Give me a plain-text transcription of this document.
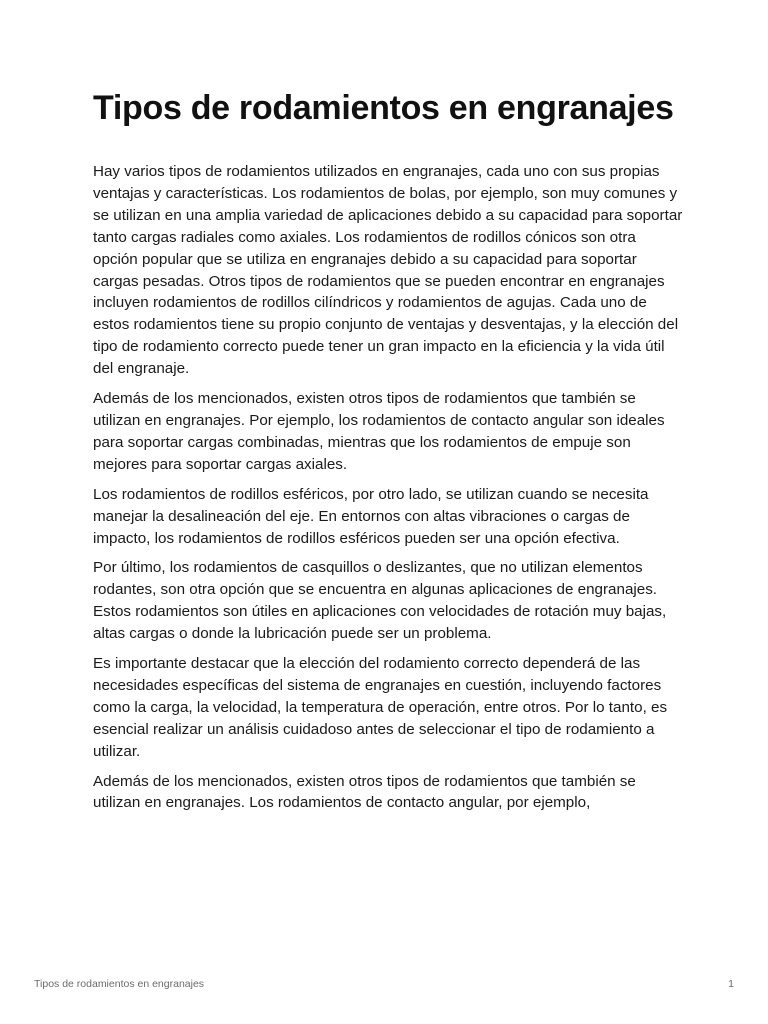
Tipos de rodamientos en engranajes

Hay varios tipos de rodamientos utilizados en engranajes, cada uno con sus propias ventajas y características. Los rodamientos de bolas, por ejemplo, son muy comunes y se utilizan en una amplia variedad de aplicaciones debido a su capacidad para soportar tanto cargas radiales como axiales. Los rodamientos de rodillos cónicos son otra opción popular que se utiliza en engranajes debido a su capacidad para soportar cargas pesadas. Otros tipos de rodamientos que se pueden encontrar en engranajes incluyen rodamientos de rodillos cilíndricos y rodamientos de agujas. Cada uno de estos rodamientos tiene su propio conjunto de ventajas y desventajas, y la elección del tipo de rodamiento correcto puede tener un gran impacto en la eficiencia y la vida útil del engranaje.

Además de los mencionados, existen otros tipos de rodamientos que también se utilizan en engranajes. Por ejemplo, los rodamientos de contacto angular son ideales para soportar cargas combinadas, mientras que los rodamientos de empuje son mejores para soportar cargas axiales.

Los rodamientos de rodillos esféricos, por otro lado, se utilizan cuando se necesita manejar la desalineación del eje. En entornos con altas vibraciones o cargas de impacto, los rodamientos de rodillos esféricos pueden ser una opción efectiva.

Por último, los rodamientos de casquillos o deslizantes, que no utilizan elementos rodantes, son otra opción que se encuentra en algunas aplicaciones de engranajes. Estos rodamientos son útiles en aplicaciones con velocidades de rotación muy bajas, altas cargas o donde la lubricación puede ser un problema.

Es importante destacar que la elección del rodamiento correcto dependerá de las necesidades específicas del sistema de engranajes en cuestión, incluyendo factores como la carga, la velocidad, la temperatura de operación, entre otros. Por lo tanto, es esencial realizar un análisis cuidadoso antes de seleccionar el tipo de rodamiento a utilizar.

Además de los mencionados, existen otros tipos de rodamientos que también se utilizan en engranajes. Los rodamientos de contacto angular, por ejemplo,

Tipos de rodamientos en engranajes	1
